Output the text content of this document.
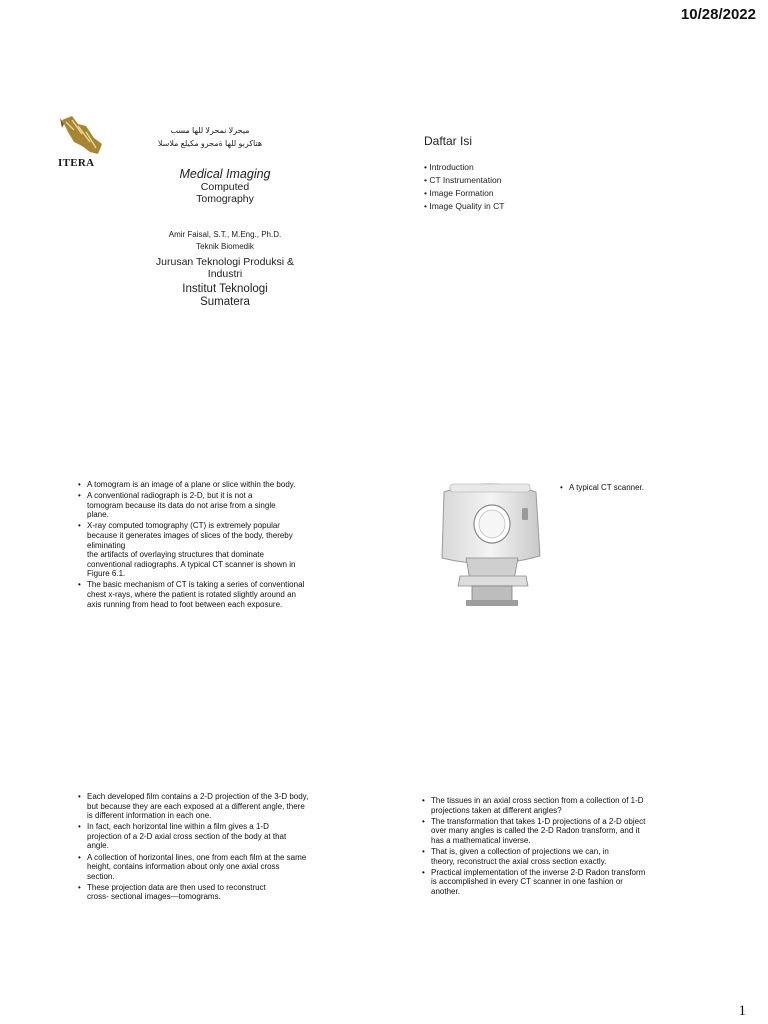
10/28/2022
ITERA
ميحرلا نمحرلا للها مسب
هتاكربو للها ةمحرو مكيلع ملاسلا
Medical Imaging
Computed
Tomography
Amir Faisal, S.T., M.Eng., Ph.D.
Teknik Biomedik
Jurusan Teknologi Produksi &
Industri
Institut Teknologi
Sumatera
Daftar Isi
• Introduction
• CT Instrumentation
• Image Formation
• Image Quality in CT
• A tomogram is an image of a plane or slice within the body.
• A conventional radiograph is 2-D, but it is not a
tomogram because its data do not arise from a single
plane.
• X-ray computed tomography (CT) is extremely popular
because it generates images of slices of the body, thereby
eliminating
the artifacts of overlaying structures that dominate
conventional radiographs. A typical CT scanner is shown in
Figure 6.1.
• The basic mechanism of CT is taking a series of conventional
chest x-rays, where the patient is rotated slightly around an
axis running from head to foot between each exposure.
• A typical CT scanner.
• Each developed film contains a 2-D projection of the 3-D body,
but because they are each exposed at a different angle, there
is different information in each one.
• In fact, each horizontal line within a film gives a 1-D
projection of a 2-D axial cross section of the body at that
angle.
• A collection of horizontal lines, one from each film at the same
height, contains information about only one axial cross
section.
• These projection data are then used to reconstruct
cross- sectional images—tomograms.
• The tissues in an axial cross section from a collection of 1-D
projections taken at different angles?
• The transformation that takes 1-D projections of a 2-D object
over many angles is called the 2-D Radon transform, and it
has a mathematical inverse.
• That is, given a collection of projections we can, in
theory, reconstruct the axial cross section exactly.
• Practical implementation of the inverse 2-D Radon transform
is accomplished in every CT scanner in one fashion or
another.
1
